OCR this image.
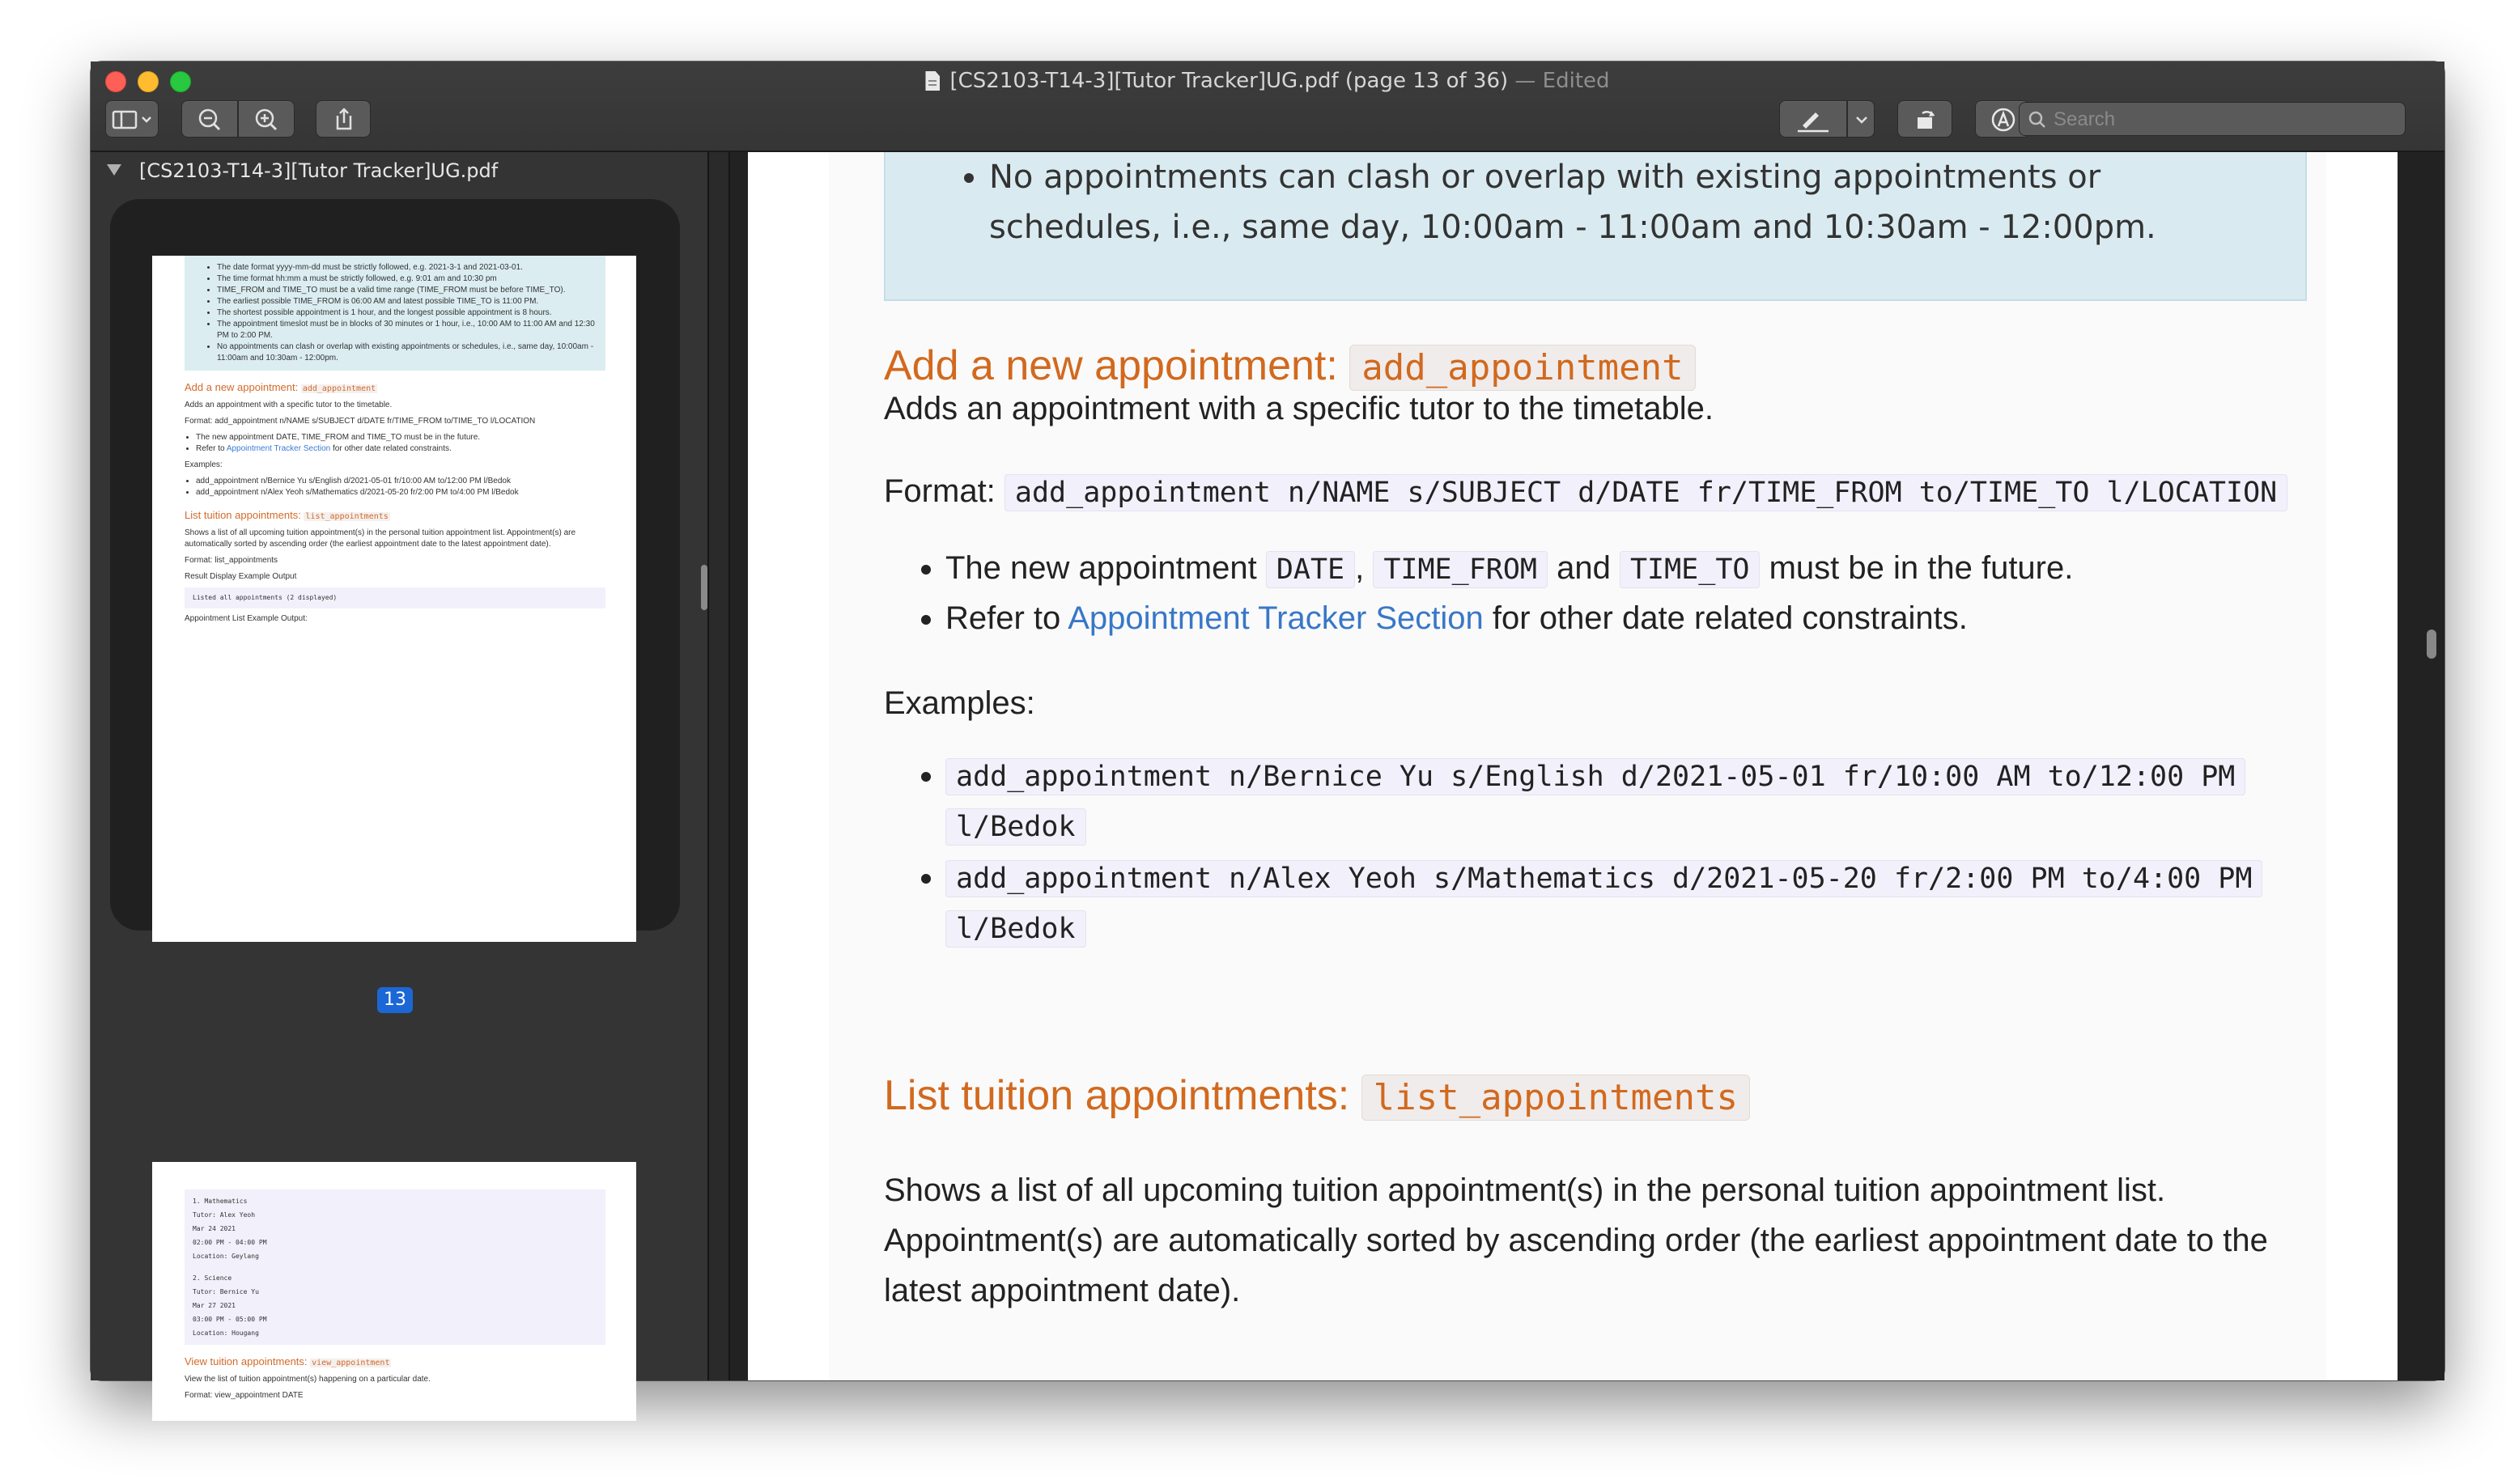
[CS2103-T14-3][Tutor Tracker]UG.pdf (page 13 of 36) — Edited
Search
[CS2103-T14-3][Tutor Tracker]UG.pdf
• The date format yyyy-mm-dd must be strictly followed, e.g. 2021-3-1 and 2021-03-01.
• The time format hh:mm a must be strictly followed, e.g. 9:01 am and 10:30 pm
• TIME_FROM and TIME_TO must be a valid time range (TIME_FROM must be before TIME_TO).
• The earliest possible TIME_FROM is 06:00 AM and latest possible TIME_TO is 11:00 PM.
• The shortest possible appointment is 1 hour, and the longest possible appointment is 8 hours.
• The appointment timeslot must be in blocks of 30 minutes or 1 hour, i.e., 10:00 AM to 11:00 AM and 12:30 PM to 2:00 PM.
• No appointments can clash or overlap with existing appointments or schedules, i.e., same day, 10:00am - 11:00am and 10:30am - 12:00pm.
Add a new appointment: add_appointment

Adds an appointment with a specific tutor to the timetable.

Format: add_appointment n/NAME s/SUBJECT d/DATE fr/TIME_FROM to/TIME_TO l/LOCATION

• The new appointment DATE, TIME_FROM and TIME_TO must be in the future.
• Refer to Appointment Tracker Section for other date related constraints.

Examples:

• add_appointment n/Bernice Yu s/English d/2021-05-01 fr/10:00 AM to/12:00 PM l/Bedok
• add_appointment n/Alex Yeoh s/Mathematics d/2021-05-20 fr/2:00 PM to/4:00 PM l/Bedok
List tuition appointments: list_appointments

Shows a list of all upcoming tuition appointment(s) in the personal tuition appointment list. Appointment(s) are automatically sorted by ascending order (the earliest appointment date to the latest appointment date).

Format: list_appointments

Result Display Example Output

Listed all appointments (2 displayed)

Appointment List Example Output:

13
1. Mathematics
Tutor: Alex Yeoh
Mar 24 2021
02:00 PM - 04:00 PM
Location: Geylang
2. Science
Tutor: Bernice Yu
Mar 27 2021
03:00 PM - 05:00 PM
Location: Hougang
View tuition appointments: view_appointment

View the list of tuition appointment(s) happening on a particular date.

Format: view_appointment DATE

• No appointments can clash or overlap with existing appointments or schedules, i.e., same day, 10:00am - 11:00am and 10:30am - 12:00pm.
Add a new appointment: add_appointment
Adds an appointment with a specific tutor to the timetable.
Format: add_appointment n/NAME s/SUBJECT d/DATE fr/TIME_FROM to/TIME_TO l/LOCATION
• The new appointment DATE , TIME_FROM and TIME_TO must be in the future.
• Refer to Appointment Tracker Section for other date related constraints.
Examples:
• add_appointment n/Bernice Yu s/English d/2021-05-01 fr/10:00 AM to/12:00 PM l/Bedok
• add_appointment n/Alex Yeoh s/Mathematics d/2021-05-20 fr/2:00 PM to/4:00 PM l/Bedok
List tuition appointments: list_appointments
Shows a list of all upcoming tuition appointment(s) in the personal tuition appointment list. Appointment(s) are automatically sorted by ascending order (the earliest appointment date to the latest appointment date).
